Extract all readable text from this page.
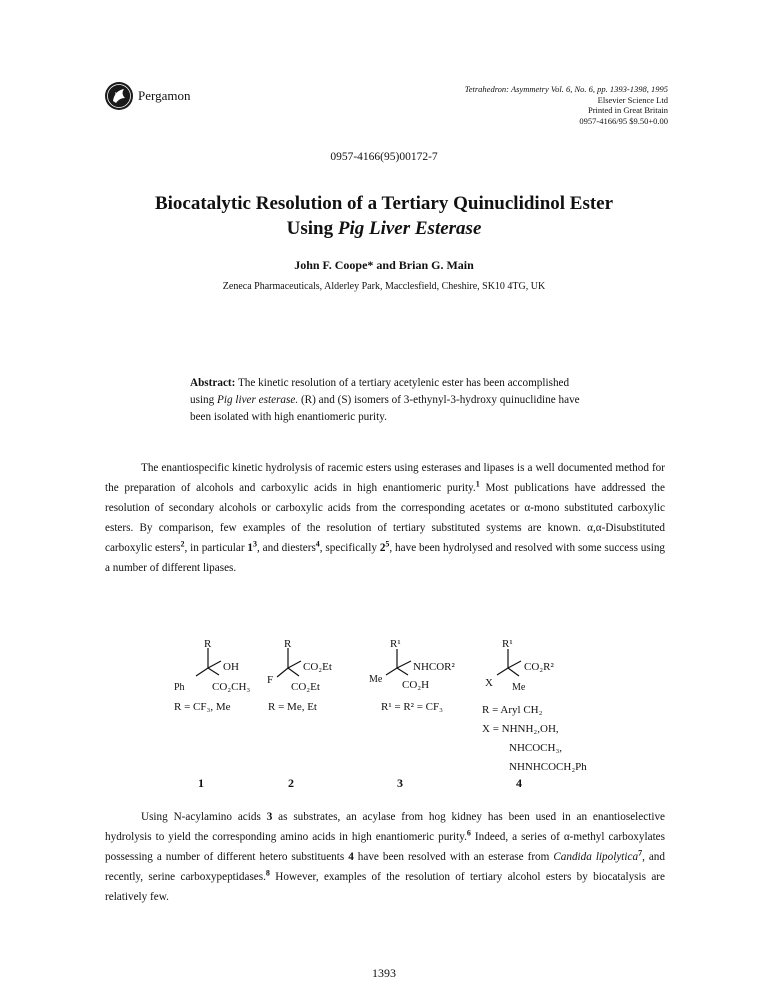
Pergamon	Tetrahedron: Asymmetry Vol. 6, No. 6, pp. 1393-1398, 1995
Elsevier Science Ltd
Printed in Great Britain
0957-4166/95 $9.50+0.00
0957-4166(95)00172-7
Biocatalytic Resolution of a Tertiary Quinuclidinol Ester
Using Pig Liver Esterase
John F. Coope* and Brian G. Main
Zeneca Pharmaceuticals, Alderley Park, Macclesfield, Cheshire, SK10 4TG, UK
Abstract: The kinetic resolution of a tertiary acetylenic ester has been accomplished using Pig liver esterase. (R) and (S) isomers of 3-ethynyl-3-hydroxy quinuclidine have been isolated with high enantiomeric purity.
The enantiospecific kinetic hydrolysis of racemic esters using esterases and lipases is a well documented method for the preparation of alcohols and carboxylic acids in high enantiomeric purity.$^1$ Most publications have addressed the resolution of secondary alcohols or carboxylic acids from the corresponding acetates or α-mono substituted carboxylic esters. By comparison, few examples of the resolution of tertiary substituted systems are known. α,α-Disubstituted carboxylic esters$^2$, in particular $1^3$, and diesters$^4$, specifically $2^5$, have been hydrolysed and resolved with some success using a number of different lipases.
R
OH
Ph CO₂CH₃
R
CO₂Et
F
CO₂Et
R¹
NHCOR²
Me CO₂H
R¹
CO₂R²
X Me
R = CF₃, Me	R = Me, Et	R¹ = R² = CF₃	R = Aryl CH₂
X = NHNH₂,OH,
NHCOCH₃,
NHNHCOCH₂Ph
1	2	3	4
Using N-acylamino acids 3 as substrates, an acylase from hog kidney has been used in an enantioselective hydrolysis to yield the corresponding amino acids in high enantiomeric purity.$^6$ Indeed, a series of α-methyl carboxylates possessing a number of different hetero substituents 4 have been resolved with an esterase from Candida lipolytica$^7$, and recently, serine carboxypeptidases.$^8$ However, examples of the resolution of tertiary alcohol esters by biocatalysis are relatively few.
1393
